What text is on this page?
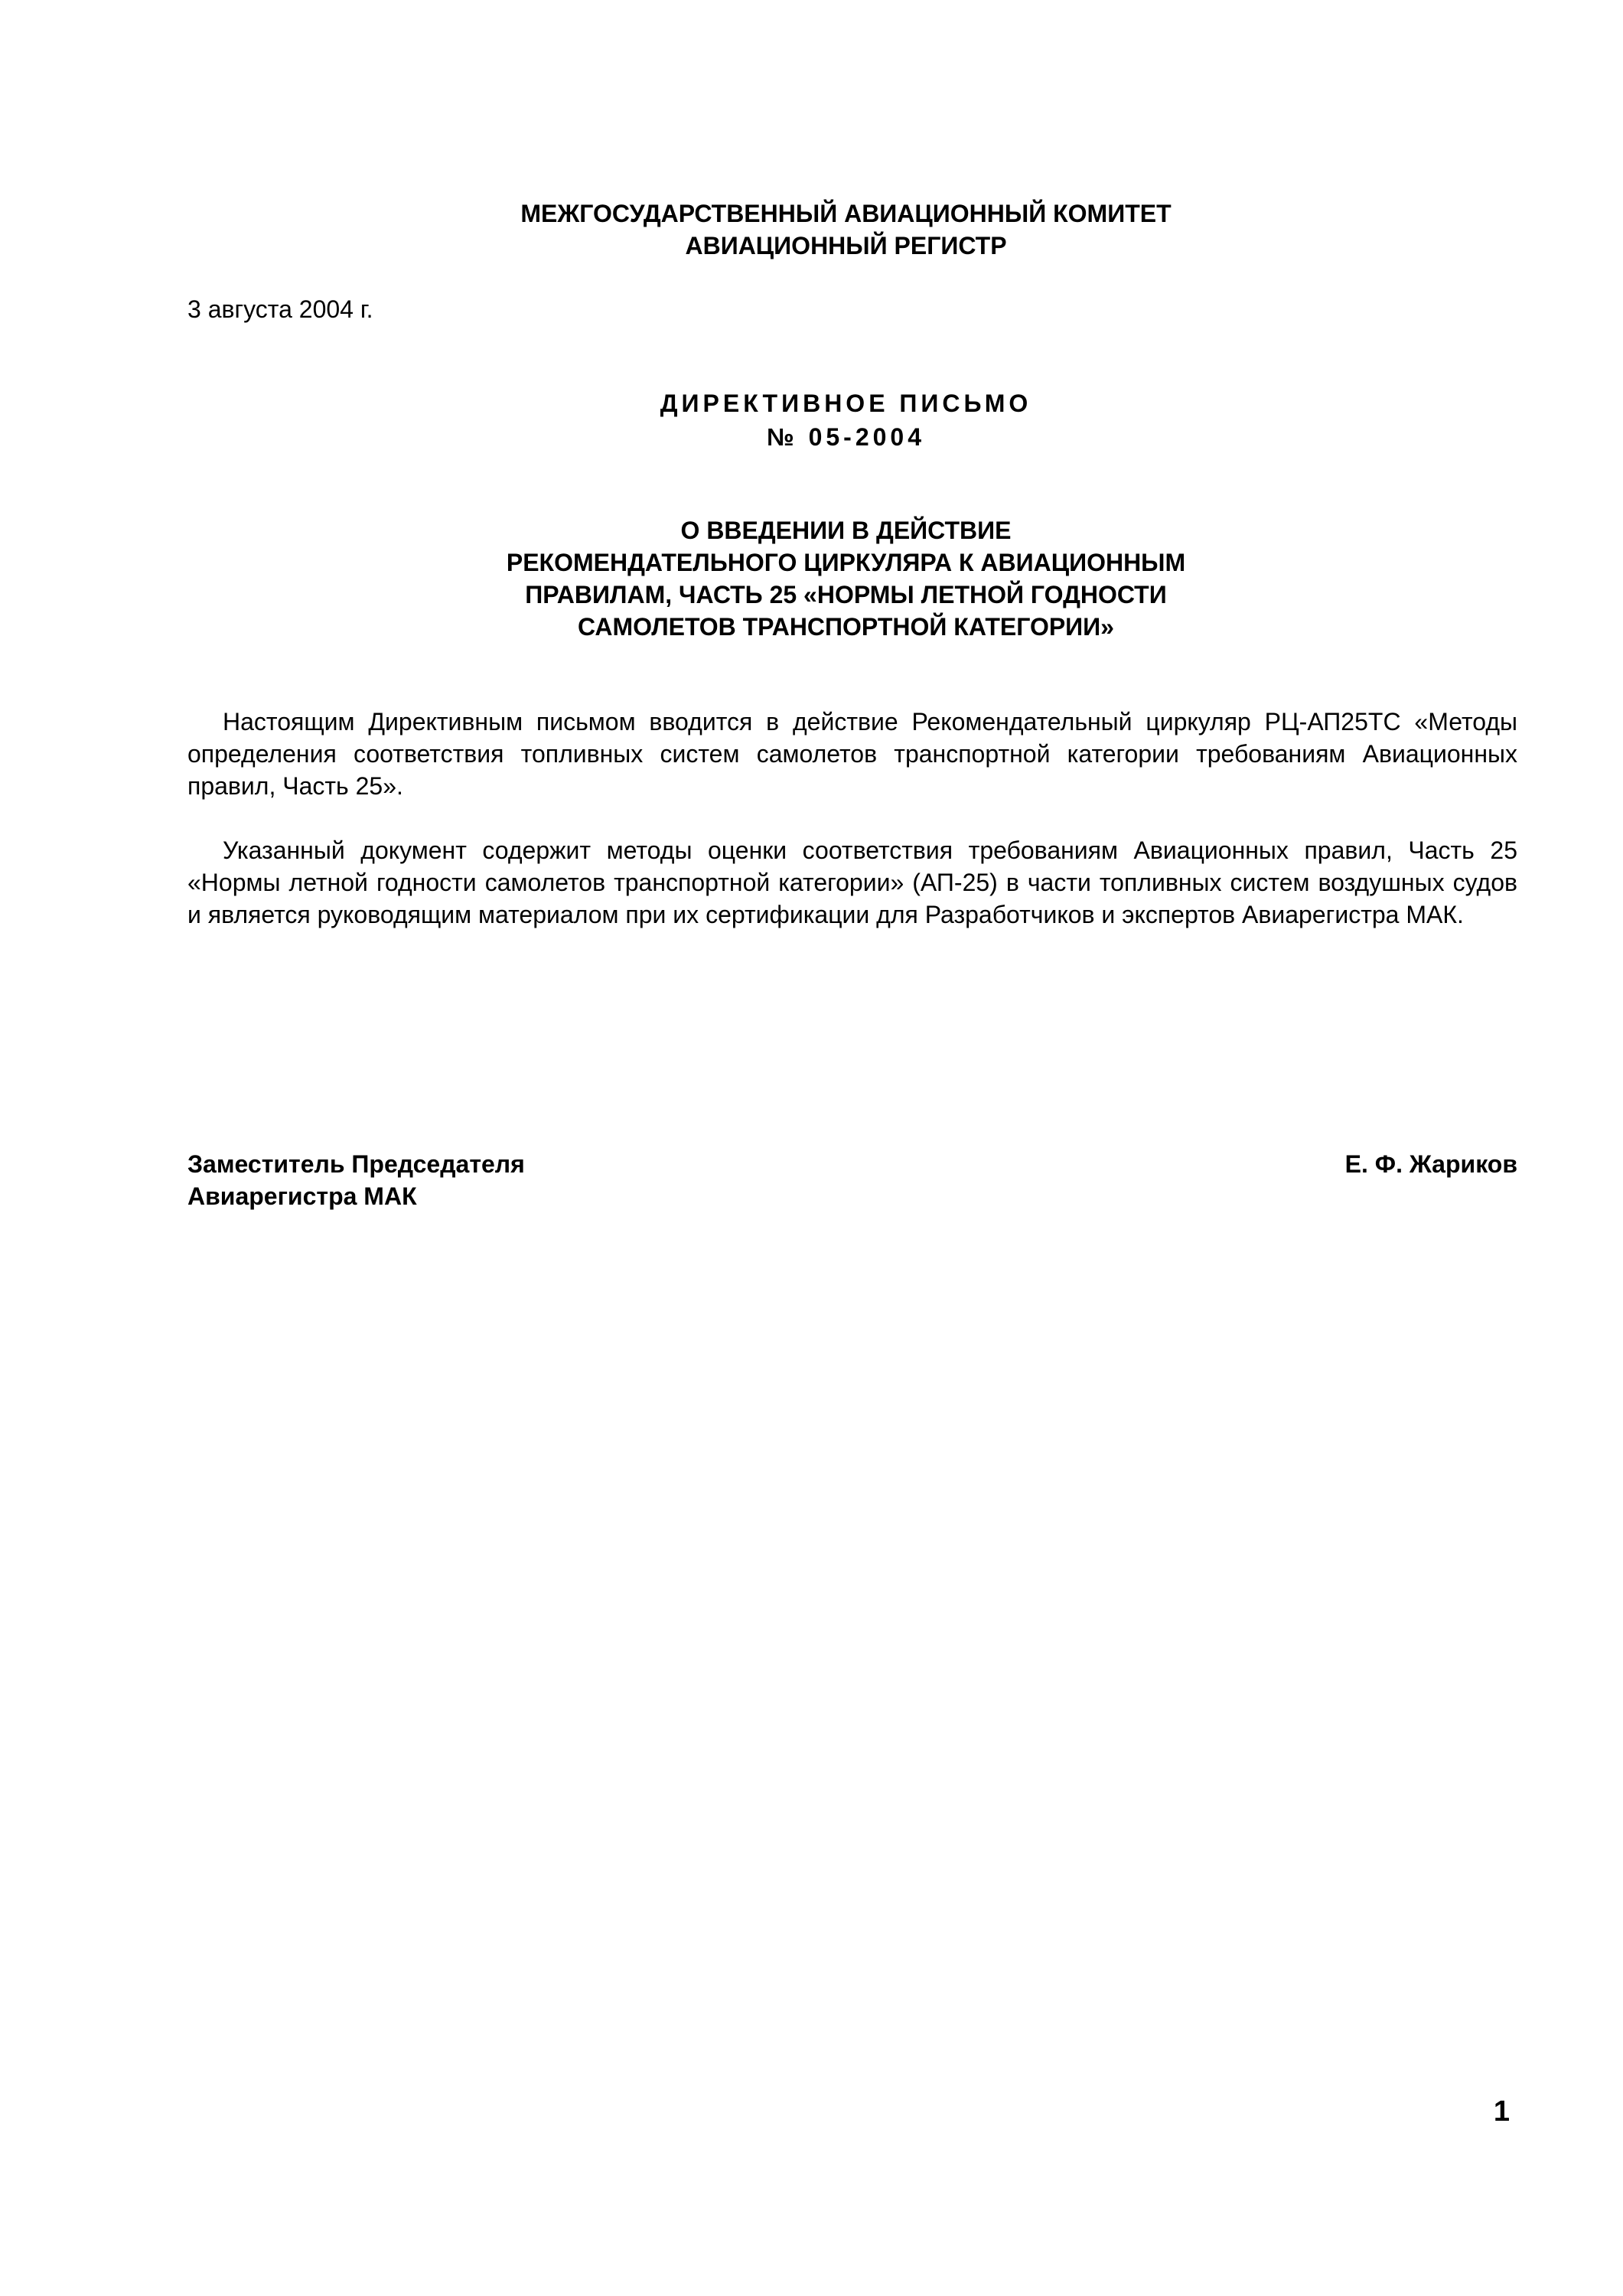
МЕЖГОСУДАРСТВЕННЫЙ АВИАЦИОННЫЙ КОМИТЕТ
АВИАЦИОННЫЙ РЕГИСТР
3 августа 2004 г.
ДИРЕКТИВНОЕ ПИСЬМО
№ 05-2004
О ВВЕДЕНИИ В ДЕЙСТВИЕ
РЕКОМЕНДАТЕЛЬНОГО ЦИРКУЛЯРА К АВИАЦИОННЫМ
ПРАВИЛАМ, ЧАСТЬ 25 «НОРМЫ ЛЕТНОЙ ГОДНОСТИ
САМОЛЕТОВ ТРАНСПОРТНОЙ КАТЕГОРИИ»
Настоящим Директивным письмом вводится в действие Рекомендательный циркуляр РЦ-АП25ТС «Методы определения соответствия топливных систем самолетов транспортной категории требованиям Авиационных правил, Часть 25».
Указанный документ содержит методы оценки соответствия требованиям Авиационных правил, Часть 25 «Нормы летной годности самолетов транспортной категории» (АП-25) в части топливных систем воздушных судов и является руководящим материалом при их сертификации для Разработчиков и экспертов Авиарегистра МАК.
Заместитель Председателя
Авиарегистра МАК
Е. Ф. Жариков
1
